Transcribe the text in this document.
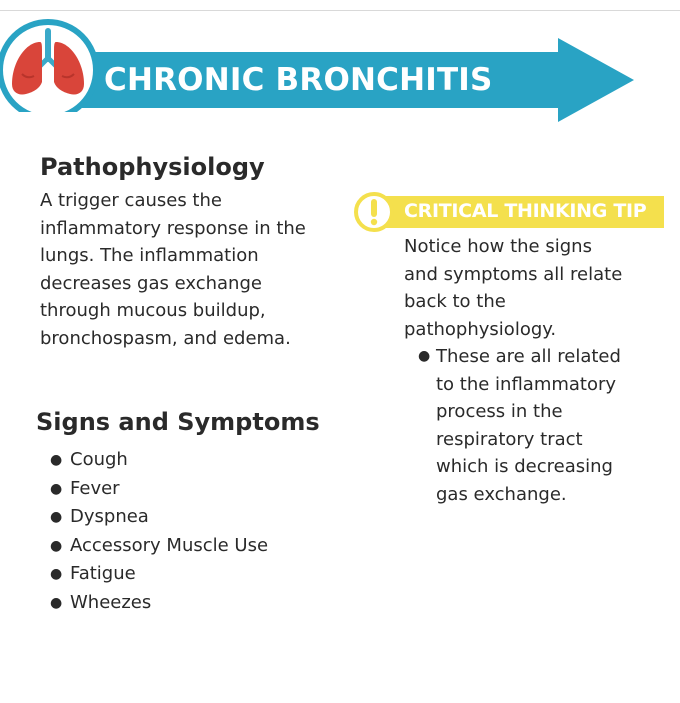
CHRONIC BRONCHITIS
Pathophysiology
A trigger causes the
inflammatory response in the
lungs. The inflammation
decreases gas exchange
through mucous buildup,
bronchospasm, and edema.
Signs and Symptoms
● Cough
● Fever
● Dyspnea
● Accessory Muscle Use
● Fatigue
● Wheezes
CRITICAL THINKING TIP
Notice how the signs
and symptoms all relate
back to the
pathophysiology.
● These are all related
to the inflammatory
process in the
respiratory tract
which is decreasing
gas exchange.
